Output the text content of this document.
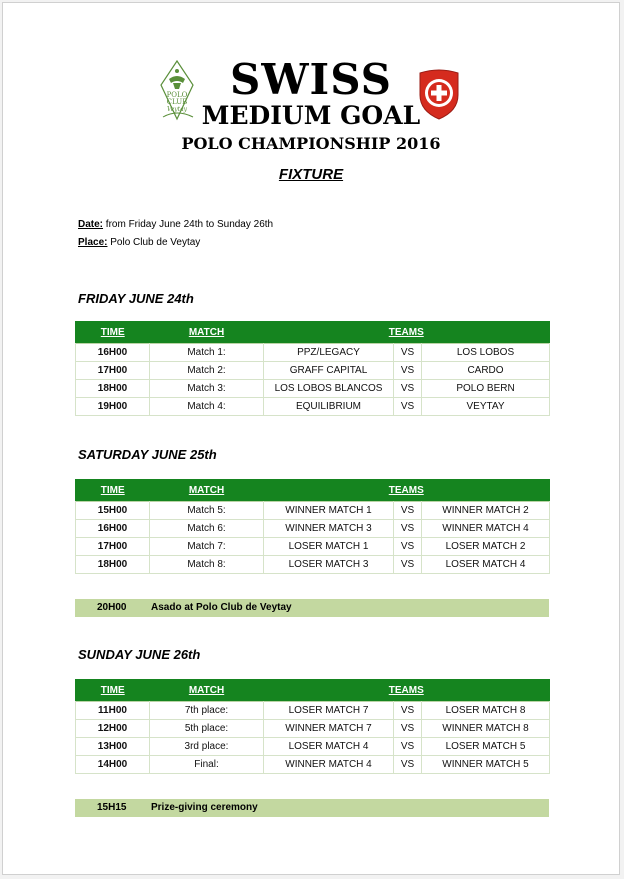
POLO
CLUB
Veytay
SWISS
MEDIUM GOAL
POLO CHAMPIONSHIP 2016
FIXTURE
Date: from Friday June 24th to Sunday 26th
Place: Polo Club de Veytay
FRIDAY JUNE 24th
TIME	MATCH	TEAMS		
16H00	Match 1:	PPZ/LEGACY	VS	LOS LOBOS
17H00	Match 2:	GRAFF CAPITAL	VS	CARDO
18H00	Match 3:	LOS LOBOS BLANCOS	VS	POLO BERN
19H00	Match 4:	EQUILIBRIUM	VS	VEYTAY
SATURDAY JUNE 25th
TIME	MATCH	TEAMS		
15H00	Match 5:	WINNER MATCH 1	VS	WINNER MATCH 2
16H00	Match 6:	WINNER MATCH 3	VS	WINNER MATCH 4
17H00	Match 7:	LOSER MATCH 1	VS	LOSER MATCH 2
18H00	Match 8:	LOSER MATCH 3	VS	LOSER MATCH 4
20H00 Asado at Polo Club de Veytay
SUNDAY JUNE 26th
TIME	MATCH	TEAMS		
11H00	7th place:	LOSER MATCH 7	VS	LOSER MATCH 8
12H00	5th place:	WINNER MATCH 7	VS	WINNER MATCH 8
13H00	3rd place:	LOSER MATCH 4	VS	LOSER MATCH 5
14H00	Final:	WINNER MATCH 4	VS	WINNER MATCH 5
15H15 Prize-giving ceremony
